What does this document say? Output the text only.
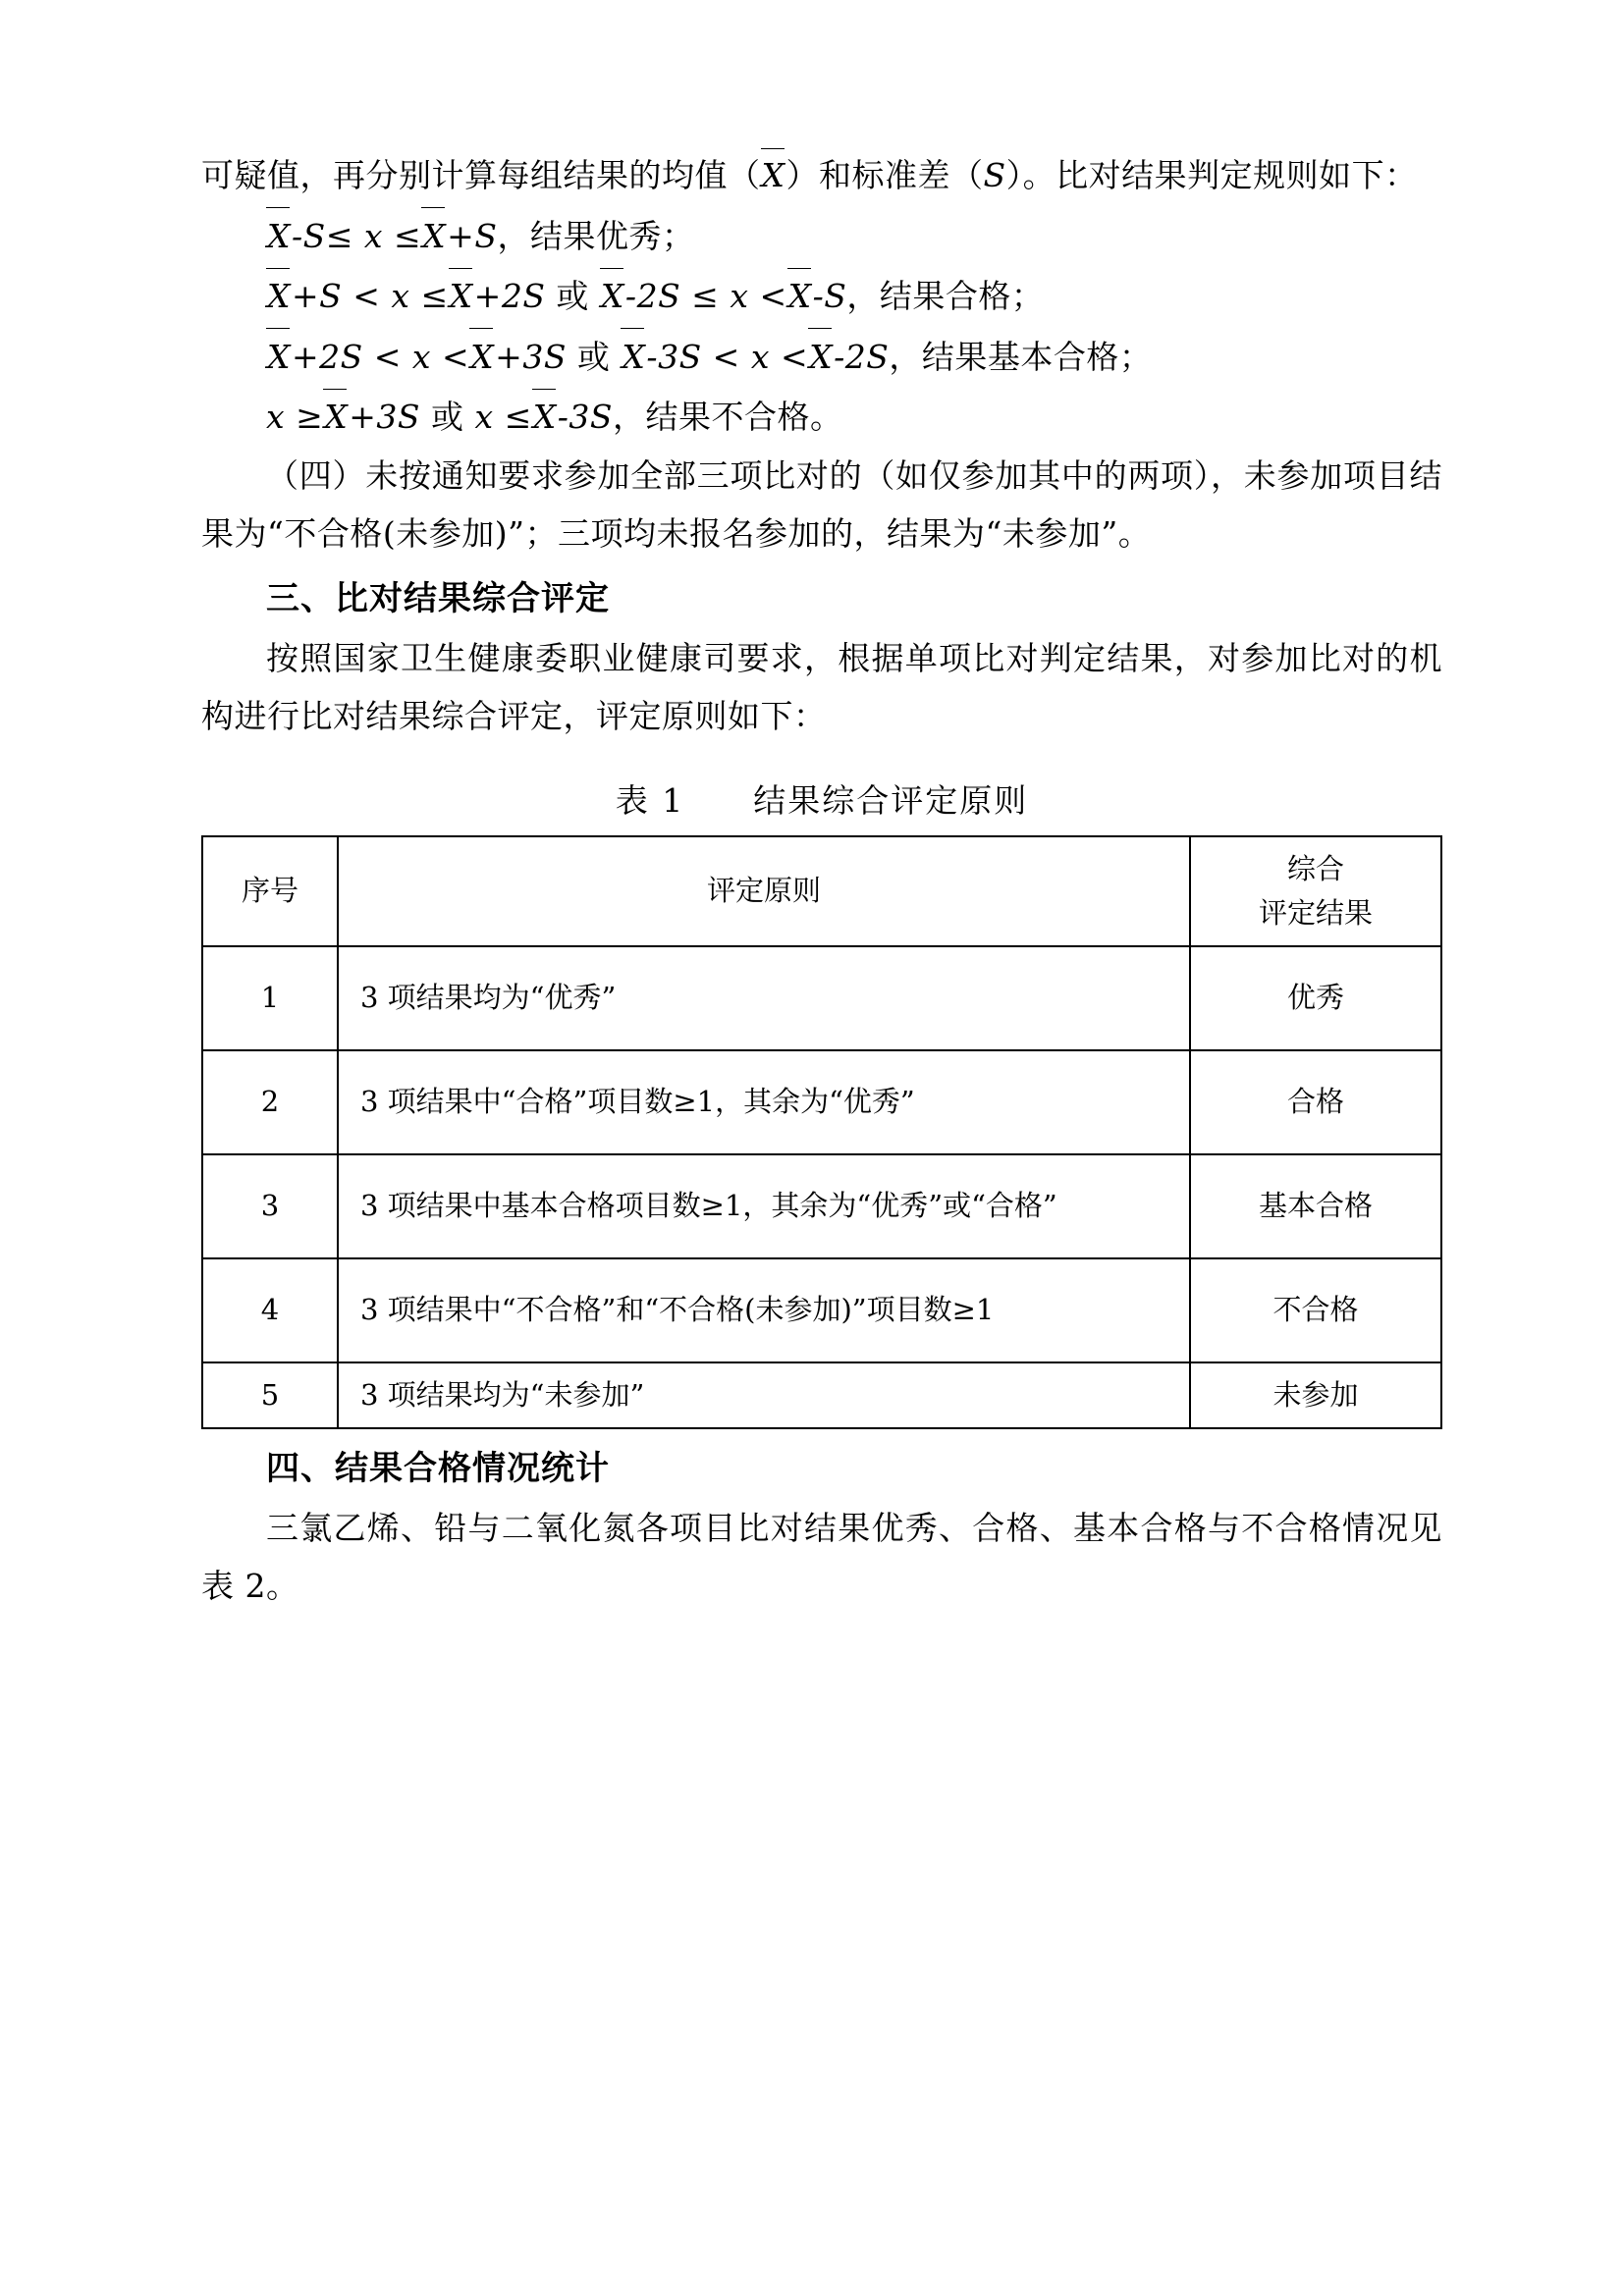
可疑值，再分别计算每组结果的均值（X）和标准差（S）。比对结果判定规则如下：

X-S≤ x ≤X+S，结果优秀；

X+S < x ≤X+2S 或 X-2S ≤ x <X-S，结果合格；

X+2S < x <X+3S 或 X-3S < x <X-2S，结果基本合格；

x ≥X+3S 或 x ≤X-3S，结果不合格。

（四）未按通知要求参加全部三项比对的（如仅参加其中的两项），未参加项目结果为“不合格(未参加)”；三项均未报名参加的，结果为“未参加”。

三、比对结果综合评定

按照国家卫生健康委职业健康司要求，根据单项比对判定结果，对参加比对的机构进行比对结果综合评定，评定原则如下：

表 1　　结果综合评定原则
序号	评定原则	综合
评定结果

1	3 项结果均为“优秀”	优秀
2	3 项结果中“合格”项目数≥1，其余为“优秀”	合格
3	3 项结果中基本合格项目数≥1，其余为“优秀”或“合格”	基本合格
4	3 项结果中“不合格”和“不合格(未参加)”项目数≥1	不合格
5	3 项结果均为“未参加”	未参加
四、结果合格情况统计

三氯乙烯、铅与二氧化氮各项目比对结果优秀、合格、基本合格与不合格情况见表 2。
